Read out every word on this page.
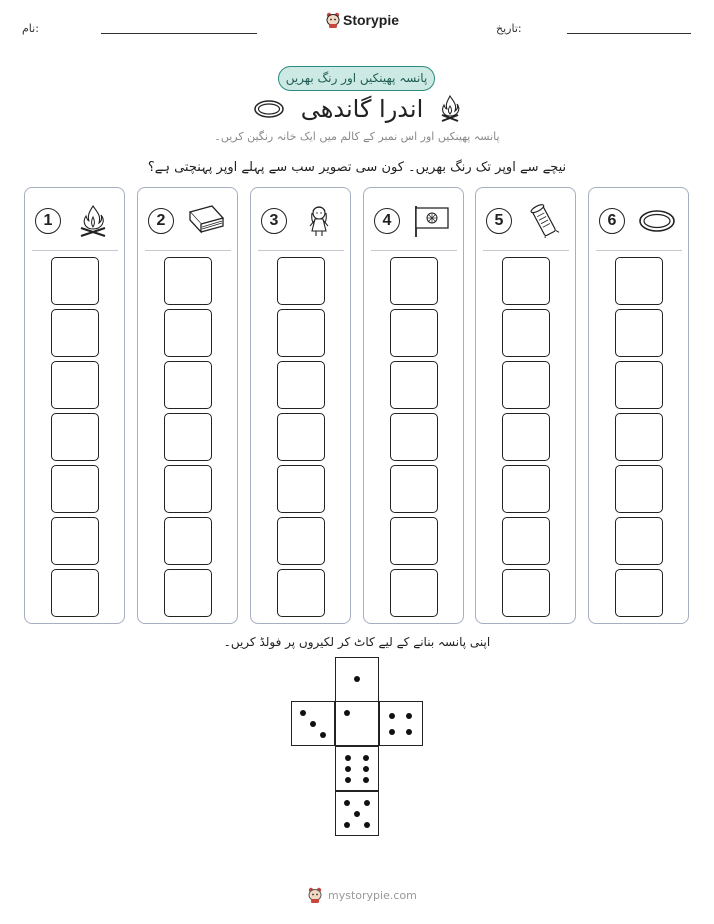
نام:
Storypie
تاریخ:
پانسہ پھینکیں اور رنگ بھریں
اندرا گاندھی
پانسہ پھینکیں اور اس نمبر کے کالم میں ایک خانہ رنگین کریں۔
نیچے سے اوپر تک رنگ بھریں۔ کون سی تصویر سب سے پہلے اوپر پہنچتی ہے؟
6
5
4
3
2
1
اپنی پانسہ بنانے کے لیے کاٹ کر لکیروں پر فولڈ کریں۔
mystorypie.com
